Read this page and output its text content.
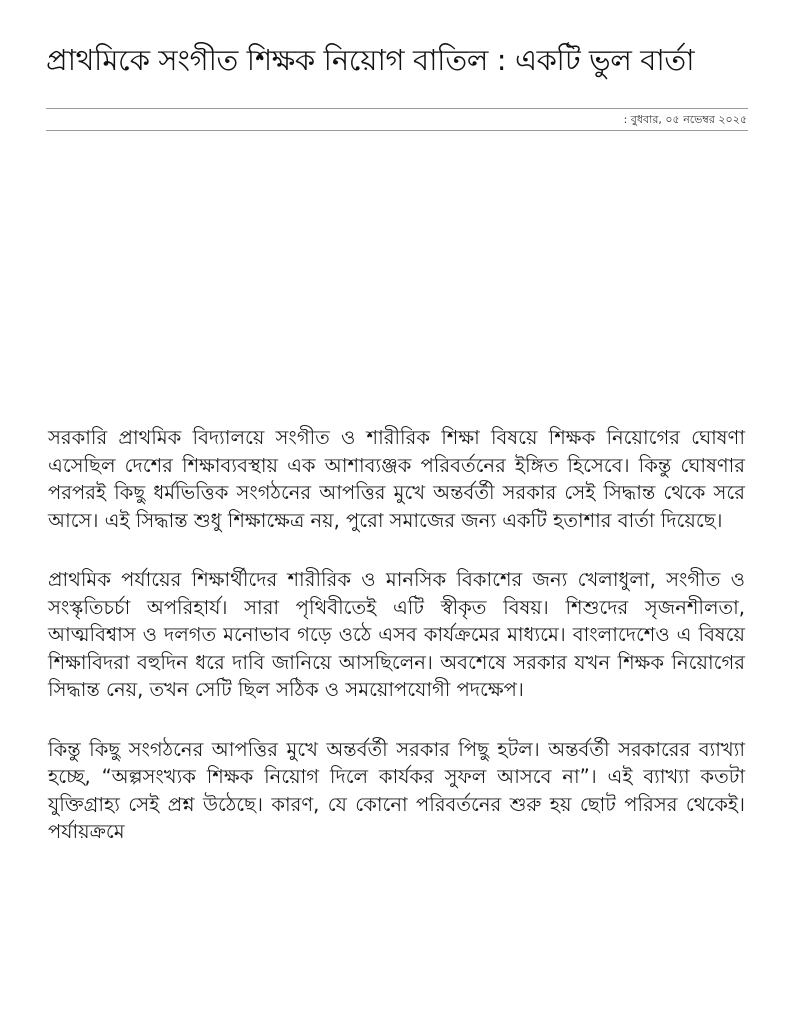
প্রাথমিকে সংগীত শিক্ষক নিয়োগ বাতিল : একটি ভুল বার্তা
: বুধবার, ০৫ নভেম্বর ২০২৫

সরকারি প্রাথমিক বিদ্যালয়ে সংগীত ও শারীরিক শিক্ষা বিষয়ে শিক্ষক নিয়োগের ঘোষণা এসেছিল দেশের শিক্ষাব্যবস্থায় এক আশাব্যঞ্জক পরিবর্তনের ইঙ্গিত হিসেবে। কিন্তু ঘোষণার পরপরই কিছু ধর্মভিত্তিক সংগঠনের আপত্তির মুখে অন্তর্বর্তী সরকার সেই সিদ্ধান্ত থেকে সরে আসে। এই সিদ্ধান্ত শুধু শিক্ষাক্ষেত্র নয়, পুরো সমাজের জন্য একটি হতাশার বার্তা দিয়েছে।

প্রাথমিক পর্যায়ের শিক্ষার্থীদের শারীরিক ও মানসিক বিকাশের জন্য খেলাধুলা, সংগীত ও সংস্কৃতিচর্চা অপরিহার্য। সারা পৃথিবীতেই এটি স্বীকৃত বিষয়। শিশুদের সৃজনশীলতা, আত্মবিশ্বাস ও দলগত মনোভাব গড়ে ওঠে এসব কার্যক্রমের মাধ্যমে। বাংলাদেশেও এ বিষয়ে শিক্ষাবিদরা বহুদিন ধরে দাবি জানিয়ে আসছিলেন। অবশেষে সরকার যখন শিক্ষক নিয়োগের সিদ্ধান্ত নেয়, তখন সেটি ছিল সঠিক ও সময়োপযোগী পদক্ষেপ।

কিন্তু কিছু সংগঠনের আপত্তির মুখে অন্তর্বর্তী সরকার পিছু হটল। অন্তর্বর্তী সরকারের ব্যাখ্যা হচ্ছে, “অল্পসংখ্যক শিক্ষক নিয়োগ দিলে কার্যকর সুফল আসবে না”। এই ব্যাখ্যা কতটা যুক্তিগ্রাহ্য সেই প্রশ্ন উঠেছে। কারণ, যে কোনো পরিবর্তনের শুরু হয় ছোট পরিসর থেকেই। পর্যায়ক্রমে
